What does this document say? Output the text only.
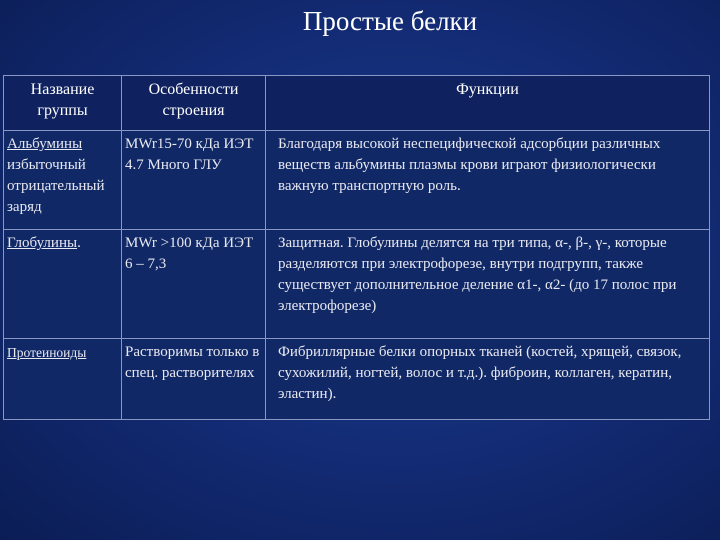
Простые белки
Название группы	Особенности строения	Функции
Альбумины
избыточный отрицательный заряд	MWr15-70 кДа ИЭТ 4.7 Много ГЛУ	Благодаря высокой неспецифической адсорбции различных веществ альбумины плазмы крови играют физиологически важную транспортную роль.
Глобулины.	MWr >100 кДа ИЭТ 6 – 7,3	Защитная. Глобулины делятся на три типа, α-, β-, γ-, которые разделяются при электрофорезе, внутри подгрупп, также существует дополнительное деление α1-, α2- (до 17 полос при электрофорезе)
Протеиноиды	Растворимы только в спец. растворителях	Фибриллярные белки опорных тканей (костей, хрящей, связок, сухожилий, ногтей, волос и т.д.). фиброин, коллаген, кератин, эластин).
